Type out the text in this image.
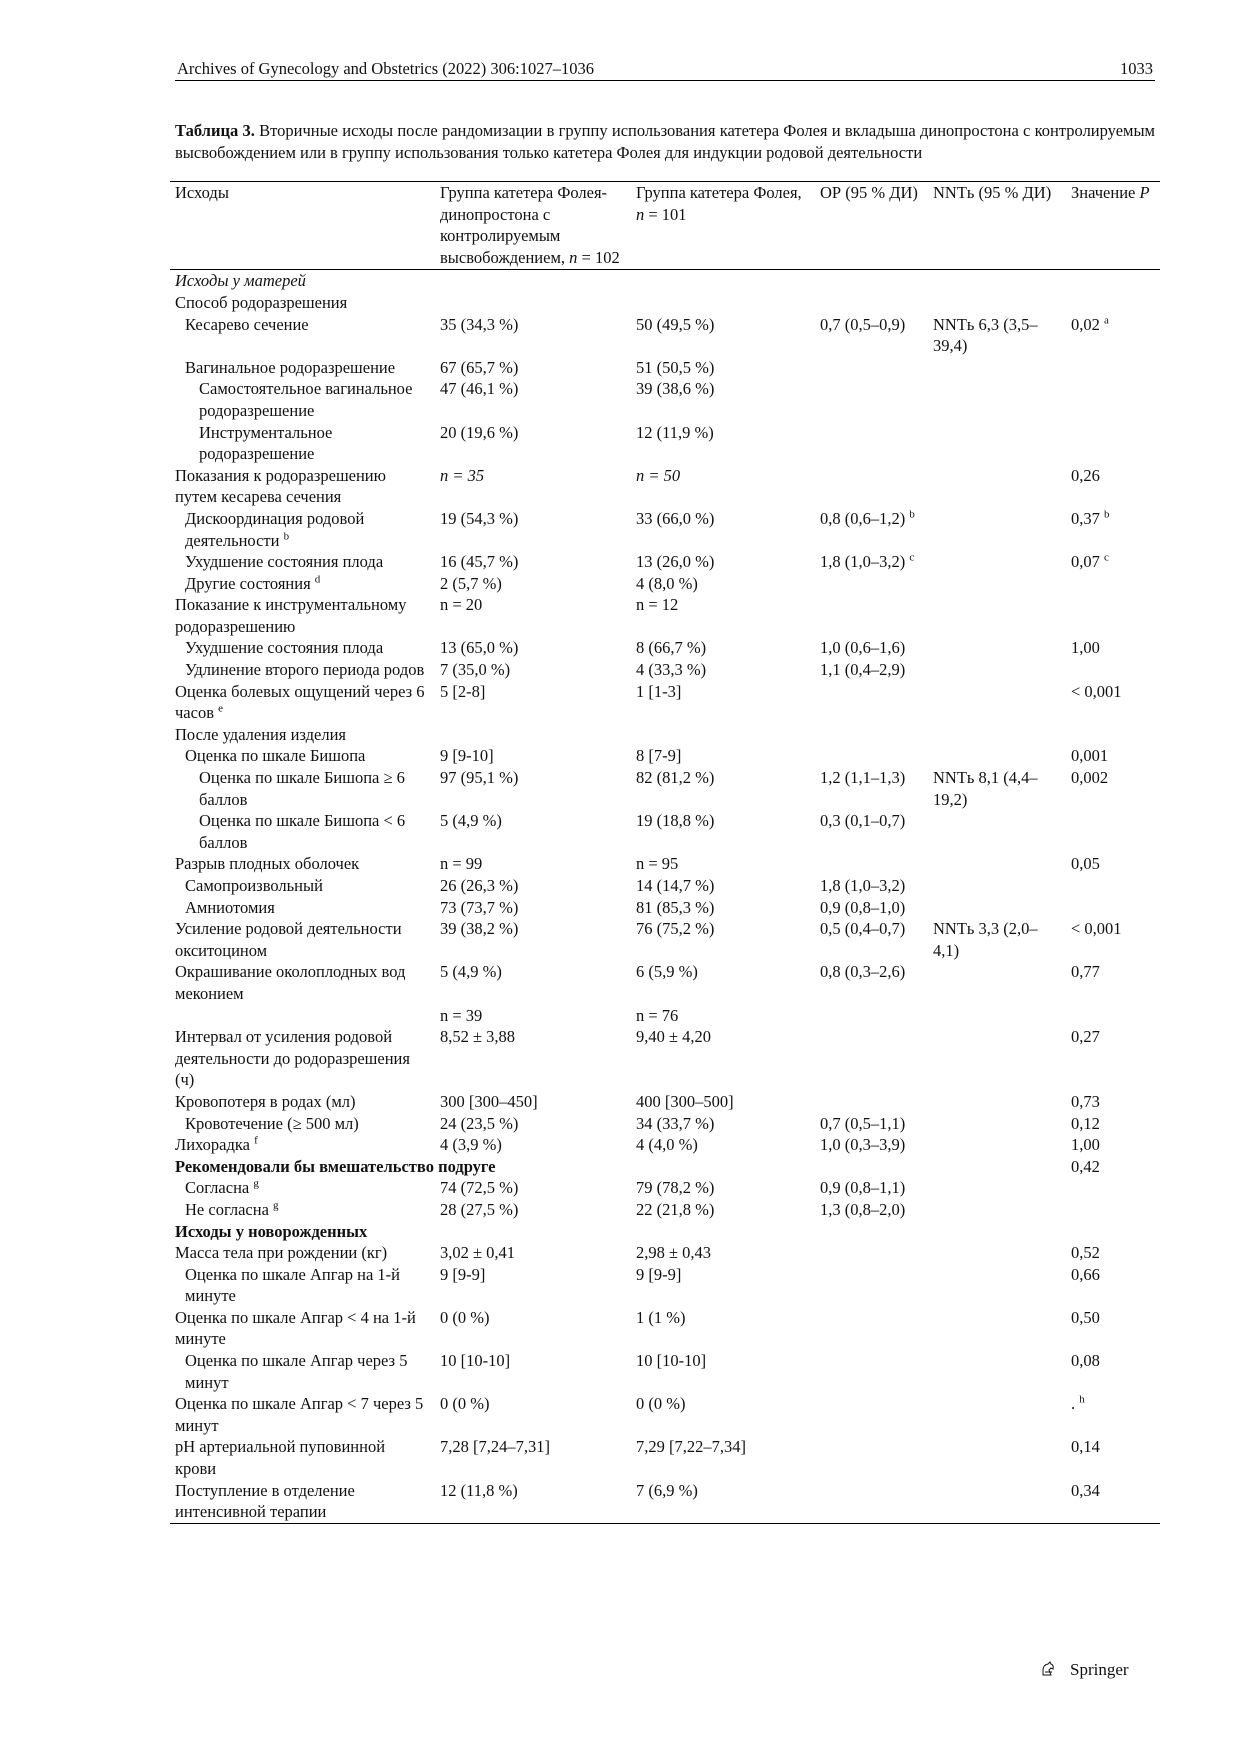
Archives of Gynecology and Obstetrics (2022) 306:1027–1036	1033
Таблица 3. Вторичные исходы после рандомизации в группу использования катетера Фолея и вкладыша динопростона с контролируемым высвобождением или в группу использования только катетера Фолея для индукции родовой деятельности
Исходы	Группа катетера Фолея-динопростона с контролируемым высвобождением, n = 102	Группа катетера Фолея, n = 101	ОР (95 % ДИ)	NNTь (95 % ДИ)	Значение P
Исходы у матерей					
Способ родоразрешения					
Кесарево сечение	35 (34,3 %)	50 (49,5 %)	0,7 (0,5–0,9)	NNTь 6,3 (3,5–39,4)	0,02 $^a$
Вагинальное родоразрешение	67 (65,7 %)	51 (50,5 %)			
Самостоятельное вагинальное родоразрешение	47 (46,1 %)	39 (38,6 %)			
Инструментальное родоразрешение	20 (19,6 %)	12 (11,9 %)			
Показания к родоразрешению путем кесарева сечения	n = 35	n = 50			0,26
Дискоординация родовой деятельности $^b$	19 (54,3 %)	33 (66,0 %)	0,8 (0,6–1,2) $^b$		0,37 $^b$
Ухудшение состояния плода	16 (45,7 %)	13 (26,0 %)	1,8 (1,0–3,2) $^c$		0,07 $^c$
Другие состояния $^d$	2 (5,7 %)	4 (8,0 %)			
Показание к инструментальному родоразрешению	n = 20	n = 12			
Ухудшение состояния плода	13 (65,0 %)	8 (66,7 %)	1,0 (0,6–1,6)		1,00
Удлинение второго периода родов	7 (35,0 %)	4 (33,3 %)	1,1 (0,4–2,9)		
Оценка болевых ощущений через 6 часов $^e$	5 [2-8]	1 [1-3]			< 0,001
После удаления изделия					
Оценка по шкале Бишопа	9 [9-10]	8 [7-9]			0,001
Оценка по шкале Бишопа ≥ 6 баллов	97 (95,1 %)	82 (81,2 %)	1,2 (1,1–1,3)	NNTь 8,1 (4,4–19,2)	0,002
Оценка по шкале Бишопа < 6 баллов	5 (4,9 %)	19 (18,8 %)	0,3 (0,1–0,7)		
Разрыв плодных оболочек	n = 99	n = 95			0,05
Самопроизвольный	26 (26,3 %)	14 (14,7 %)	1,8 (1,0–3,2)		
Амниотомия	73 (73,7 %)	81 (85,3 %)	0,9 (0,8–1,0)		
Усиление родовой деятельности окситоцином	39 (38,2 %)	76 (75,2 %)	0,5 (0,4–0,7)	NNTь 3,3 (2,0–4,1)	< 0,001
Окрашивание околоплодных вод меконием	5 (4,9 %)	6 (5,9 %)	0,8 (0,3–2,6)		0,77
	n = 39	n = 76			
Интервал от усиления родовой деятельности до родоразрешения (ч)	8,52 ± 3,88	9,40 ± 4,20			0,27
Кровопотеря в родах (мл)	300 [300–450]	400 [300–500]			0,73
Кровотечение (≥ 500 мл)	24 (23,5 %)	34 (33,7 %)	0,7 (0,5–1,1)		0,12
Лихорадка $^f$	4 (3,9 %)	4 (4,0 %)	1,0 (0,3–3,9)		1,00
Рекомендовали бы вмешательство подруге					0,42
Согласна $^g$	74 (72,5 %)	79 (78,2 %)	0,9 (0,8–1,1)		
Не согласна $^g$	28 (27,5 %)	22 (21,8 %)	1,3 (0,8–2,0)		
Исходы у новорожденных					
Масса тела при рождении (кг)	3,02 ± 0,41	2,98 ± 0,43			0,52
Оценка по шкале Апгар на 1-й минуте	9 [9-9]	9 [9-9]			0,66
Оценка по шкале Апгар < 4 на 1-й минуте	0 (0 %)	1 (1 %)			0,50
Оценка по шкале Апгар через 5 минут	10 [10-10]	10 [10-10]			0,08
Оценка по шкале Апгар < 7 через 5 минут	0 (0 %)	0 (0 %)			. $^h$
pH артериальной пуповинной крови	7,28 [7,24–7,31]	7,29 [7,22–7,34]			0,14
Поступление в отделение интенсивной терапии	12 (11,8 %)	7 (6,9 %)			0,34
Springer
